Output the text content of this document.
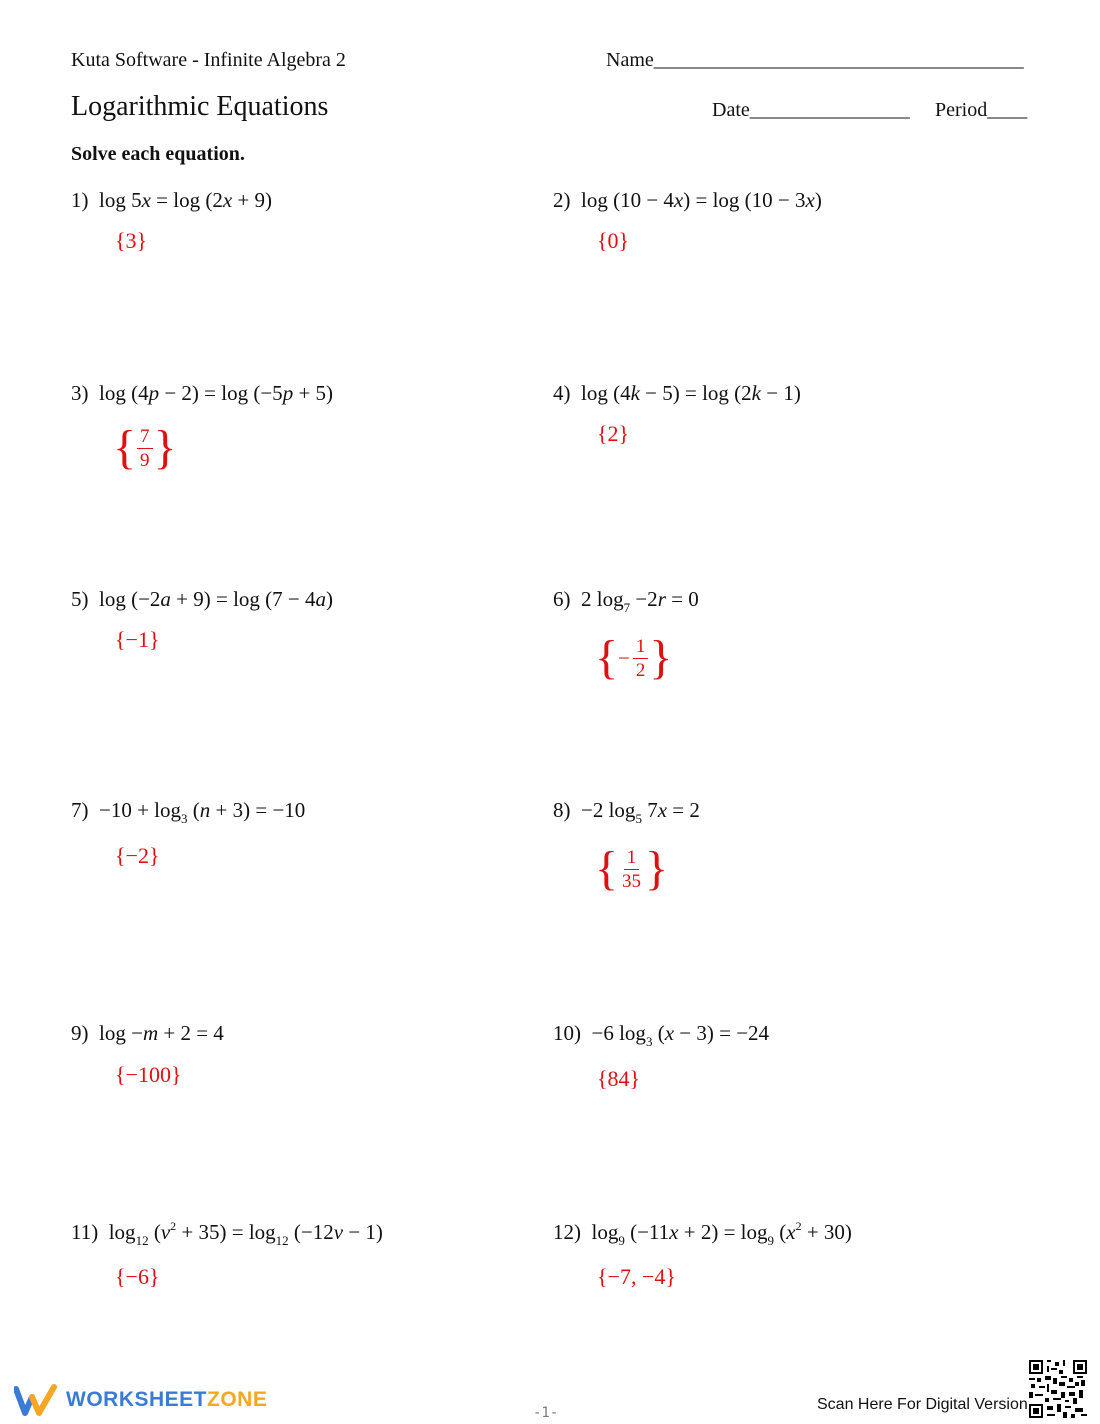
Kuta Software - Infinite Algebra 2	Name_____________________________________
Logarithmic Equations	Date________________ Period____
Solve each equation.
1)  log 5x = log (2x + 9)
{3}
2)  log (10 − 4x) = log (10 − 3x)
{0}
3)  log (4p − 2) = log (−5p + 5)
{ $\frac{7}{9}$ }
4)  log (4k − 5) = log (2k − 1)
{2}
5)  log (−2a + 9) = log (7 − 4a)
{−1}
6)  2 $\log_7 -2r = 0$
{ − $\frac{1}{2}$ }
$7) -10 + \log_3 (n + 3) = -10$
{−2}
8)  −2 $\log_5 7x = 2$
{ $\frac{1}{35}$ }
9)  log −m + 2 = 4
{−100}
10)  −6 $\log_3 (x - 3) = -24$
{84}
11)  $\log_{12} (v^2 + 35) = \log_{12} (-12v - 1)$
{−6}
12)  $\log_9 (-11x + 2) = \log_9 (x^2 + 30)$
{−7, −4}
WORKSHEET ZONE
-1-	Scan Here For Digital Version
